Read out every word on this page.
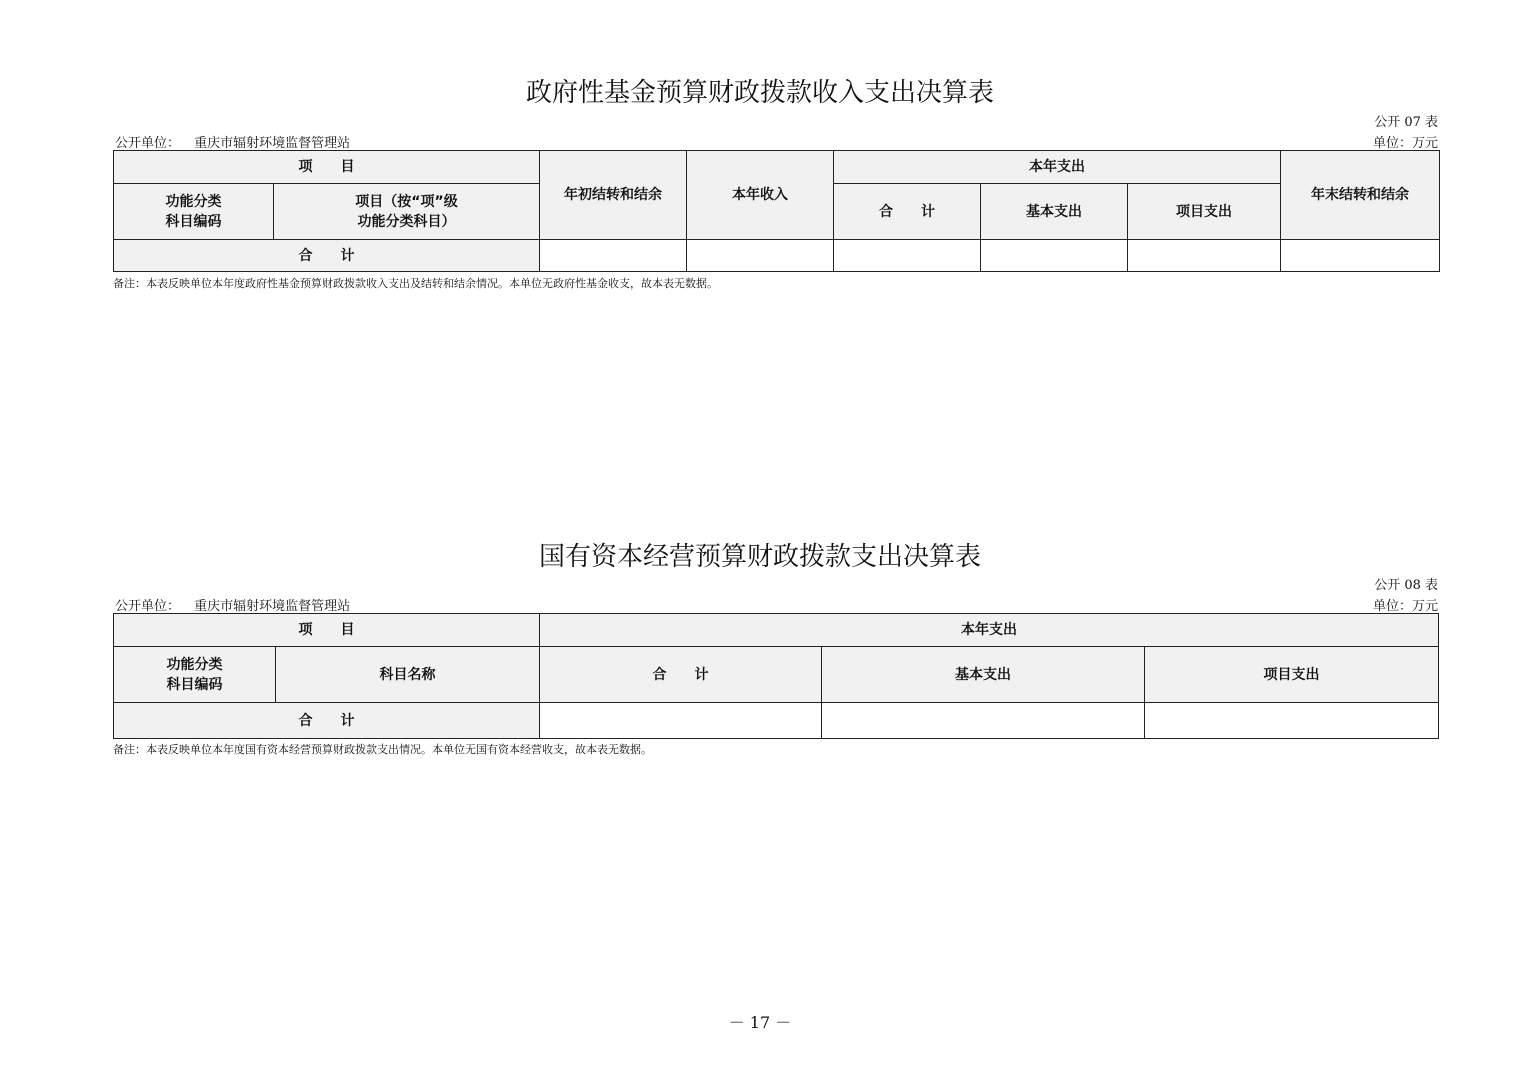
政府性基金预算财政拨款收入支出决算表
公开 07 表
公开单位： 重庆市辐射环境监督管理站	单位：万元
项　　目		年初结转和结余	本年收入	本年支出			年末结转和结余
功能分类
科目编码	项目（按“项”级
功能分类科目）			合　　计	基本支出	项目支出	
合　　计							
备注：本表反映单位本年度政府性基金预算财政拨款收入支出及结转和结余情况。本单位无政府性基金收支，故本表无数据。
国有资本经营预算财政拨款支出决算表
公开 08 表
公开单位： 重庆市辐射环境监督管理站	单位：万元
项　　目		本年支出		
功能分类
科目编码	科目名称	合　　计	基本支出	项目支出
合　　计				
备注：本表反映单位本年度国有资本经营预算财政拨款支出情况。本单位无国有资本经营收支，故本表无数据。
－ 17 －
